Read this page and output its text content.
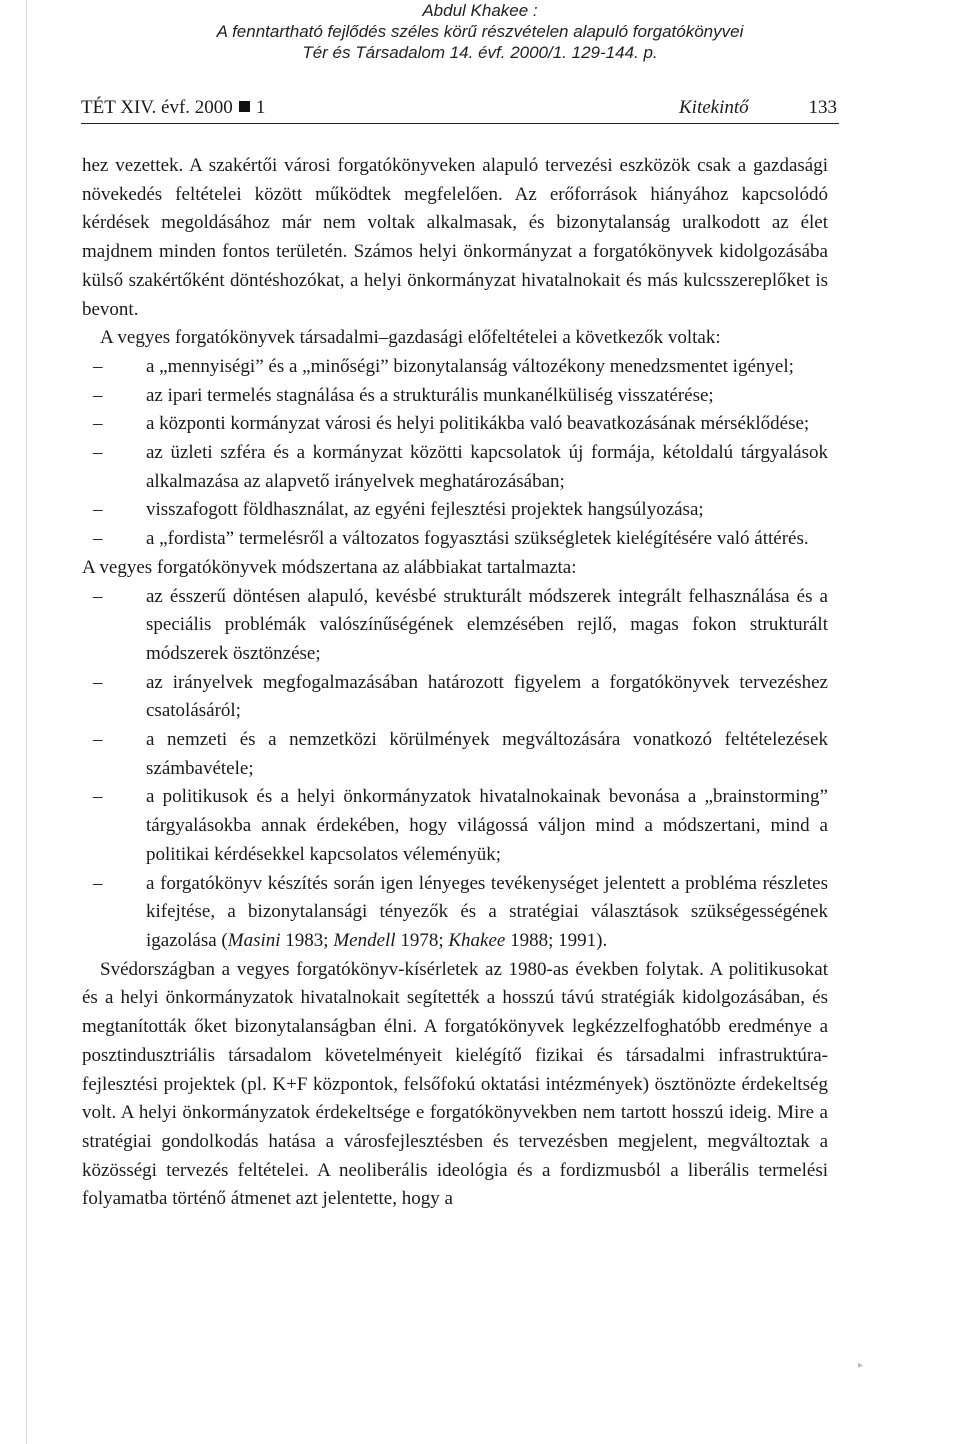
Abdul Khakee :
A fenntartható fejlődés széles körű részvételen alapuló forgatókönyvei
Tér és Társadalom 14. évf. 2000/1. 129-144. p.
TÉT XIV. évf. 2000 1	Kitekintő	133

hez vezettek. A szakértői városi forgatókönyveken alapuló tervezési eszközök csak a gazdasági növekedés feltételei között működtek megfelelően. Az erőforrások hiányához kapcsolódó kérdések megoldásához már nem voltak alkalmasak, és bizonytalanság uralkodott az élet majdnem minden fontos területén. Számos helyi önkormányzat a forgatókönyvek kidolgozásába külső szakértőként döntéshozókat, a helyi önkormányzat hivatalnokait és más kulcsszereplőket is bevont.

A vegyes forgatókönyvek társadalmi–gazdasági előfeltételei a következők voltak:

– a „mennyiségi” és a „minőségi” bizonytalanság változékony menedzsmentet igényel;
– az ipari termelés stagnálása és a strukturális munkanélküliség visszatérése;
– a központi kormányzat városi és helyi politikákba való beavatkozásának mérséklődése;
– az üzleti szféra és a kormányzat közötti kapcsolatok új formája, kétoldalú tárgyalások alkalmazása az alapvető irányelvek meghatározásában;
– visszafogott földhasználat, az egyéni fejlesztési projektek hangsúlyozása;
– a „fordista” termelésről a változatos fogyasztási szükségletek kielégítésére való áttérés.

A vegyes forgatókönyvek módszertana az alábbiakat tartalmazta:

– az ésszerű döntésen alapuló, kevésbé strukturált módszerek integrált felhasználása és a speciális problémák valószínűségének elemzésében rejlő, magas fokon strukturált módszerek ösztönzése;
– az irányelvek megfogalmazásában határozott figyelem a forgatókönyvek tervezéshez csatolásáról;
– a nemzeti és a nemzetközi körülmények megváltozására vonatkozó feltételezések számbavétele;
– a politikusok és a helyi önkormányzatok hivatalnokainak bevonása a „brainstorming” tárgyalásokba annak érdekében, hogy világossá váljon mind a módszertani, mind a politikai kérdésekkel kapcsolatos véleményük;
– a forgatókönyv készítés során igen lényeges tevékenységet jelentett a probléma részletes kifejtése, a bizonytalansági tényezők és a stratégiai választások szükségességének igazolása (Masini 1983; Mendell 1978; Khakee 1988; 1991).

Svédországban a vegyes forgatókönyv-kísérletek az 1980-as években folytak. A politikusokat és a helyi önkormányzatok hivatalnokait segítették a hosszú távú stratégiák kidolgozásában, és megtanították őket bizonytalanságban élni. A forgatókönyvek legkézzelfoghatóbb eredménye a posztindusztriális társadalom követelményeit kielégítő fizikai és társadalmi infrastruktúra-fejlesztési projektek (pl. K+F központok, felsőfokú oktatási intézmények) ösztönözte érdekeltség volt. A helyi önkormányzatok érdekeltsége e forgatókönyvekben nem tartott hosszú ideig. Mire a stratégiai gondolkodás hatása a városfejlesztésben és tervezésben megjelent, megváltoztak a közösségi tervezés feltételei. A neoliberális ideológia és a fordizmusból a liberális termelési folyamatba történő átmenet azt jelentette, hogy a

▸
